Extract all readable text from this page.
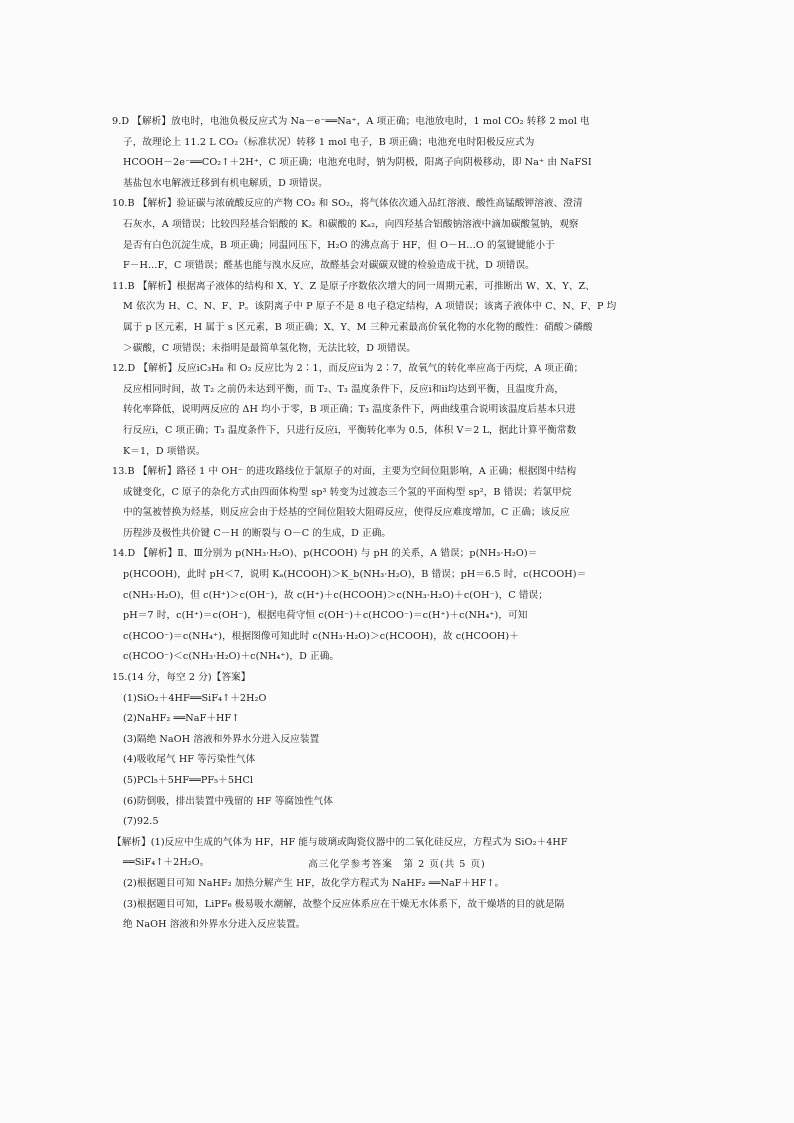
9.D 【解析】放电时，电池负极反应式为 Na－e⁻══Na⁺，A 项正确；电池放电时，1 mol CO₂ 转移 2 mol 电

子，故理论上 11.2 L CO₂（标准状况）转移 1 mol 电子，B 项正确；电池充电时阳极反应式为

HCOOH－2e⁻══CO₂↑＋2H⁺，C 项正确；电池充电时，钠为阴极，阳离子向阴极移动，即 Na⁺ 由 NaFSI

基盐包水电解液迁移到有机电解质，D 项错误。

10.B 【解析】验证碳与浓硫酸反应的产物 CO₂ 和 SO₂，将气体依次通入品红溶液、酸性高锰酸钾溶液、澄清

石灰水，A 项错误；比较四羟基合铝酸的 K。和碳酸的 Kₐ₂，向四羟基合铝酸钠溶液中滴加碳酸氢钠，观察

是否有白色沉淀生成，B 项正确；同温同压下，H₂O 的沸点高于 HF，但 O－H…O 的氢键键能小于

F－H…F，C 项错误；醛基也能与溴水反应，故醛基会对碳碳双键的检验造成干扰，D 项错误。

11.B 【解析】根据离子液体的结构和 X、Y、Z 是原子序数依次增大的同一周期元素，可推断出 W、X、Y、Z、

M 依次为 H、C、N、F、P。该阴离子中 P 原子不是 8 电子稳定结构，A 项错误；该离子液体中 C、N、F、P 均

属于 p 区元素，H 属于 s 区元素，B 项正确；X、Y、M 三种元素最高价氧化物的水化物的酸性：硝酸＞磷酸

＞碳酸，C 项错误；未指明是最简单氢化物，无法比较，D 项错误。

12.D 【解析】反应ⅰC₃H₈ 和 O₂ 反应比为 2∶1，而反应ⅱ为 2∶7，故氧气的转化率应高于丙烷，A 项正确；

反应相同时间，故 T₂ 之前仍未达到平衡，而 T₂、T₃ 温度条件下，反应ⅰ和ⅱ均达到平衡，且温度升高，

转化率降低，说明两反应的 ΔH 均小于零，B 项正确；T₃ 温度条件下，两曲线重合说明该温度后基本只进

行反应ⅰ，C 项正确；T₃ 温度条件下，只进行反应ⅰ，平衡转化率为 0.5，体积 V＝2 L，据此计算平衡常数

K＝1，D 项错误。

13.B 【解析】路径 1 中 OH⁻ 的进攻路线位于氯原子的对面，主要为空间位阻影响，A 正确；根据图中结构

成键变化，C 原子的杂化方式由四面体构型 sp³ 转变为过渡态三个氢的平面构型 sp²，B 错误；若氯甲烷

中的氢被替换为烃基，则反应会由于烃基的空间位阻较大阻碍反应，使得反应难度增加，C 正确；该反应

历程涉及极性共价键 C－H 的断裂与 O－C 的生成，D 正确。

14.D 【解析】Ⅱ、Ⅲ分别为 p(NH₃·H₂O)、p(HCOOH) 与 pH 的关系，A 错误；p(NH₃·H₂O)＝

p(HCOOH)，此时 pH＜7，说明 Kₐ(HCOOH)＞K_b(NH₃·H₂O)，B 错误；pH＝6.5 时，c(HCOOH)＝

c(NH₃·H₂O)，但 c(H⁺)＞c(OH⁻)，故 c(H⁺)＋c(HCOOH)＞c(NH₃·H₂O)＋c(OH⁻)，C 错误；

pH＝7 时，c(H⁺)＝c(OH⁻)，根据电荷守恒 c(OH⁻)＋c(HCOO⁻)＝c(H⁺)＋c(NH₄⁺)，可知

c(HCOO⁻)＝c(NH₄⁺)，根据图像可知此时 c(NH₃·H₂O)＞c(HCOOH)，故 c(HCOOH)＋

c(HCOO⁻)＜c(NH₃·H₂O)＋c(NH₄⁺)，D 正确。

15.(14 分，每空 2 分)【答案】

(1)SiO₂＋4HF══SiF₄↑＋2H₂O

(2)NaHF₂ ══NaF＋HF↑

(3)隔绝 NaOH 溶液和外界水分进入反应装置

(4)吸收尾气 HF 等污染性气体

(5)PCl₅＋5HF══PF₅＋5HCl

(6)防倒吸，排出装置中残留的 HF 等腐蚀性气体

(7)92.5

【解析】(1)反应中生成的气体为 HF，HF 能与玻璃或陶瓷仪器中的二氧化硅反应，方程式为 SiO₂＋4HF

══SiF₄↑＋2H₂O。

(2)根据题目可知 NaHF₂ 加热分解产生 HF，故化学方程式为 NaHF₂ ══NaF＋HF↑。

(3)根据题目可知，LiPF₆ 极易吸水潮解，故整个反应体系应在干燥无水体系下，故干燥塔的目的就是隔

绝 NaOH 溶液和外界水分进入反应装置。

高三化学参考答案　第 2 页(共 5 页)
